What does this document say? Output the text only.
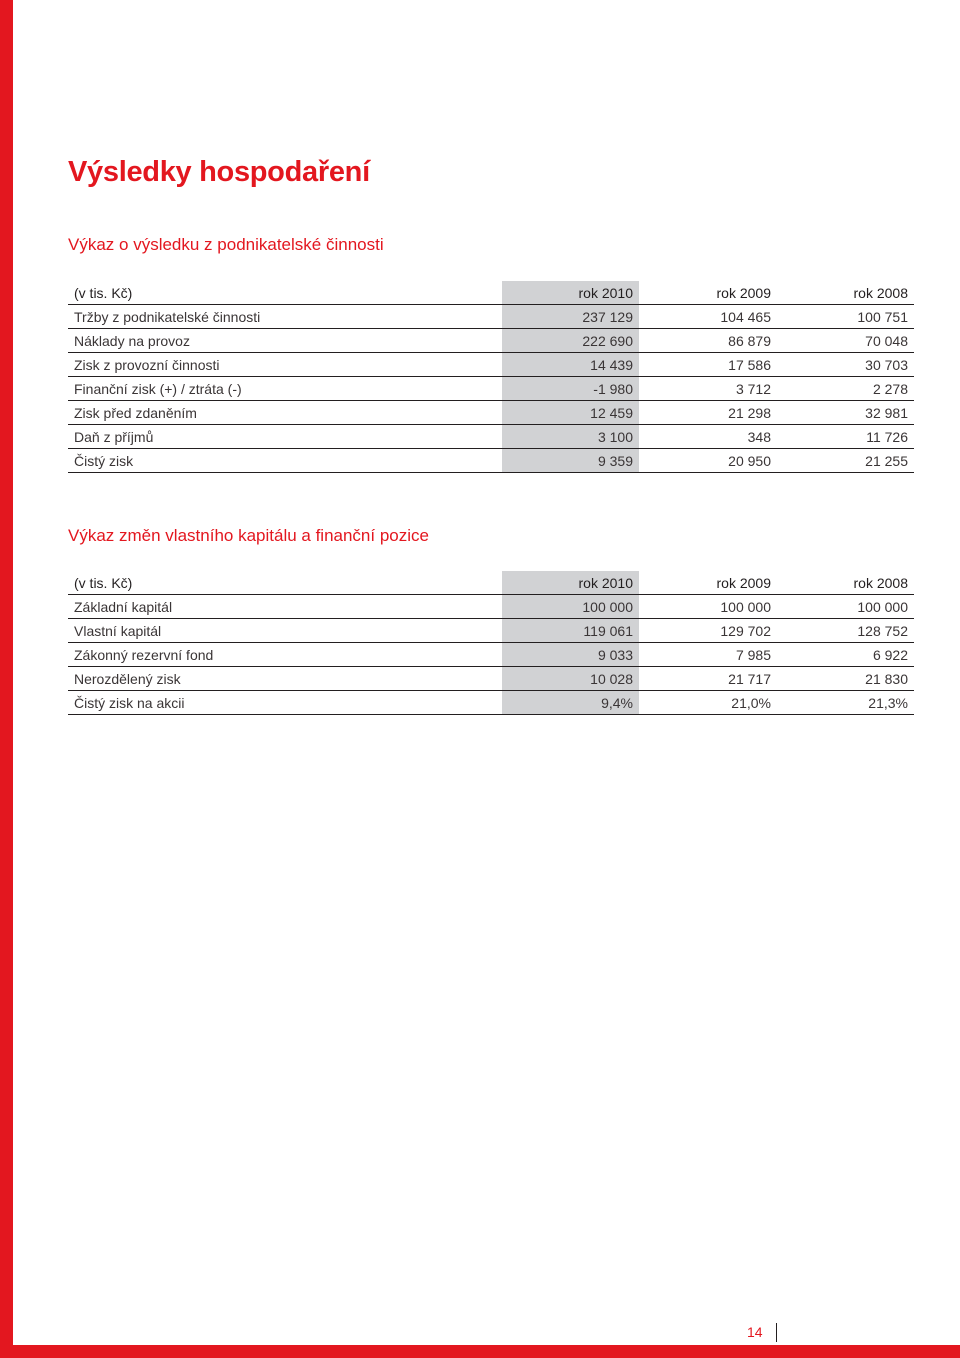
Výsledky hospodaření
Výkaz o výsledku z podnikatelské činnosti
(v tis. Kč)	rok 2010	rok 2009	rok 2008
Tržby z podnikatelské činnosti	237 129	104 465	100 751
Náklady na provoz	222 690	86 879	70 048
Zisk z provozní činnosti	14 439	17 586	30 703
Finanční zisk (+) / ztráta (-)	-1 980	3 712	2 278
Zisk před zdaněním	12 459	21 298	32 981
Daň z příjmů	3 100	348	11 726
Čistý zisk	9 359	20 950	21 255
Výkaz změn vlastního kapitálu a finanční pozice
(v tis. Kč)	rok 2010	rok 2009	rok 2008
Základní kapitál	100 000	100 000	100 000
Vlastní kapitál	119 061	129 702	128 752
Zákonný rezervní fond	9 033	7 985	6 922
Nerozdělený zisk	10 028	21 717	21 830
Čistý zisk na akcii	9,4%	21,0%	21,3%
14
